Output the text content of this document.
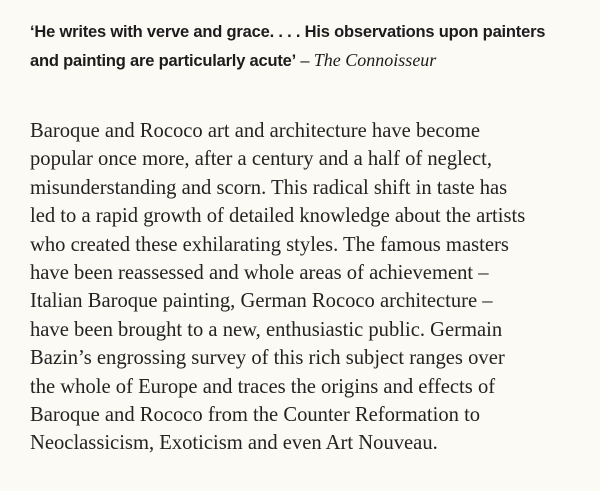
‘He writes with verve and grace. . . . His observations upon painters
and painting are particularly acute’ – The Connoisseur

Baroque and Rococo art and architecture have become
popular once more, after a century and a half of neglect,
misunderstanding and scorn. This radical shift in taste has
led to a rapid growth of detailed knowledge about the artists
who created these exhilarating styles. The famous masters
have been reassessed and whole areas of achievement –
Italian Baroque painting, German Rococo architecture –
have been brought to a new, enthusiastic public. Germain
Bazin’s engrossing survey of this rich subject ranges over
the whole of Europe and traces the origins and effects of
Baroque and Rococo from the Counter Reformation to
Neoclassicism, Exoticism and even Art Nouveau.
